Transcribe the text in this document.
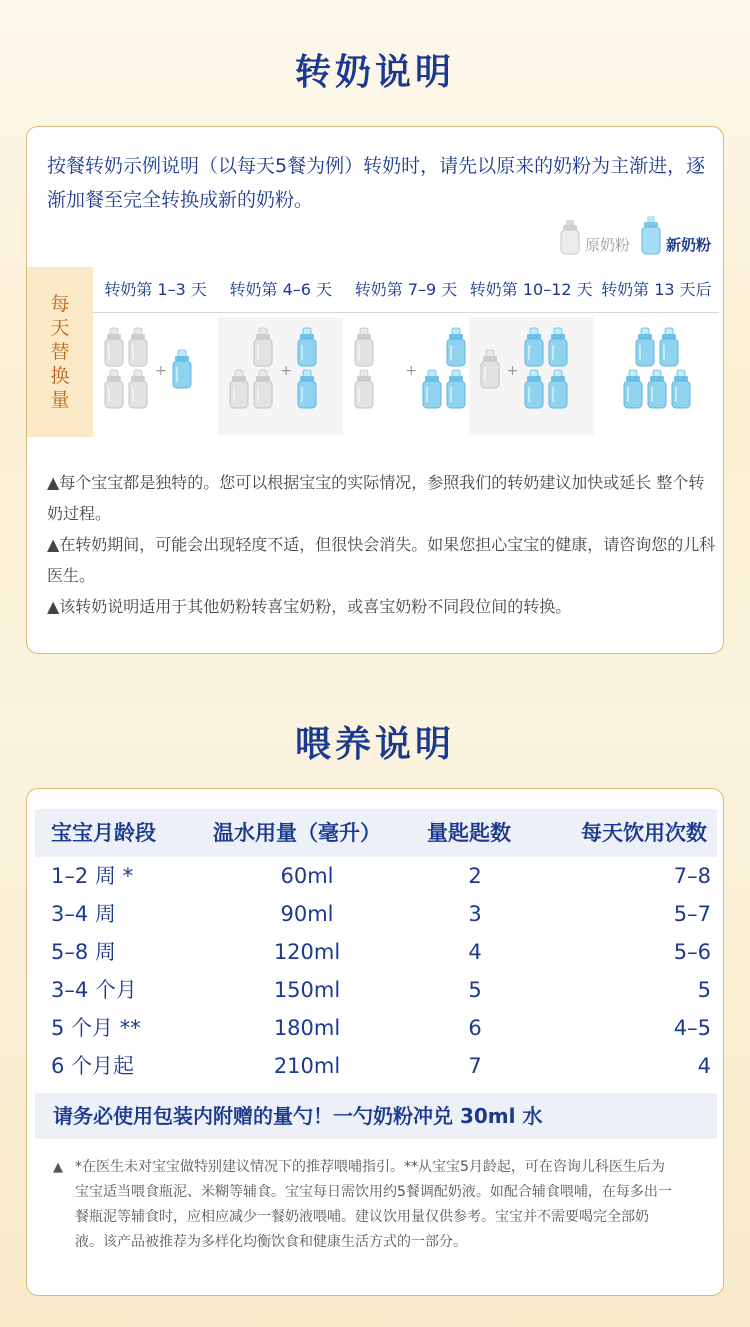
转奶说明

按餐转奶示例说明（以每天5餐为例）转奶时，请先以原来的奶粉为主渐进，逐渐加餐至完全转换成新的奶粉。

原奶粉 新奶粉
每
天
替
换
量
转奶第 1–3 天	转奶第 4–6 天	转奶第 7–9 天 转奶第 10–12 天 转奶第 13 天后
+	+	+	+

▲每个宝宝都是独特的。您可以根据宝宝的实际情况，参照我们的转奶建议加快或延长 整个转奶过程。

▲在转奶期间，可能会出现轻度不适，但很快会消失。如果您担心宝宝的健康，请咨询您的儿科医生。

▲该转奶说明适用于其他奶粉转喜宝奶粉，或喜宝奶粉不同段位间的转换。

喂养说明
宝宝月龄段	温水用量（毫升） 量匙匙数	每天饮用次数
1–2 周 *	60ml	2	7–8
3–4 周	90ml	3	5–7
5–8 周	120ml	4	5–6
3–4 个月	150ml	5	5
5 个月 **	180ml	6	4–5
6 个月起	210ml	7	4
请务必使用包装内附赠的量勺！一勺奶粉冲兑 30ml 水
▲ *在医生未对宝宝做特别建议情况下的推荐喂哺指引。**从宝宝5月龄起，可在咨询儿科医生后为宝宝适当喂食瓶泥、米糊等辅食。宝宝每日需饮用约5餐调配奶液。如配合辅食喂哺，在每多出一餐瓶泥等辅食时，应相应减少一餐奶液喂哺。建议饮用量仅供参考。宝宝并不需要喝完全部奶液。该产品被推荐为多样化均衡饮食和健康生活方式的一部分。
